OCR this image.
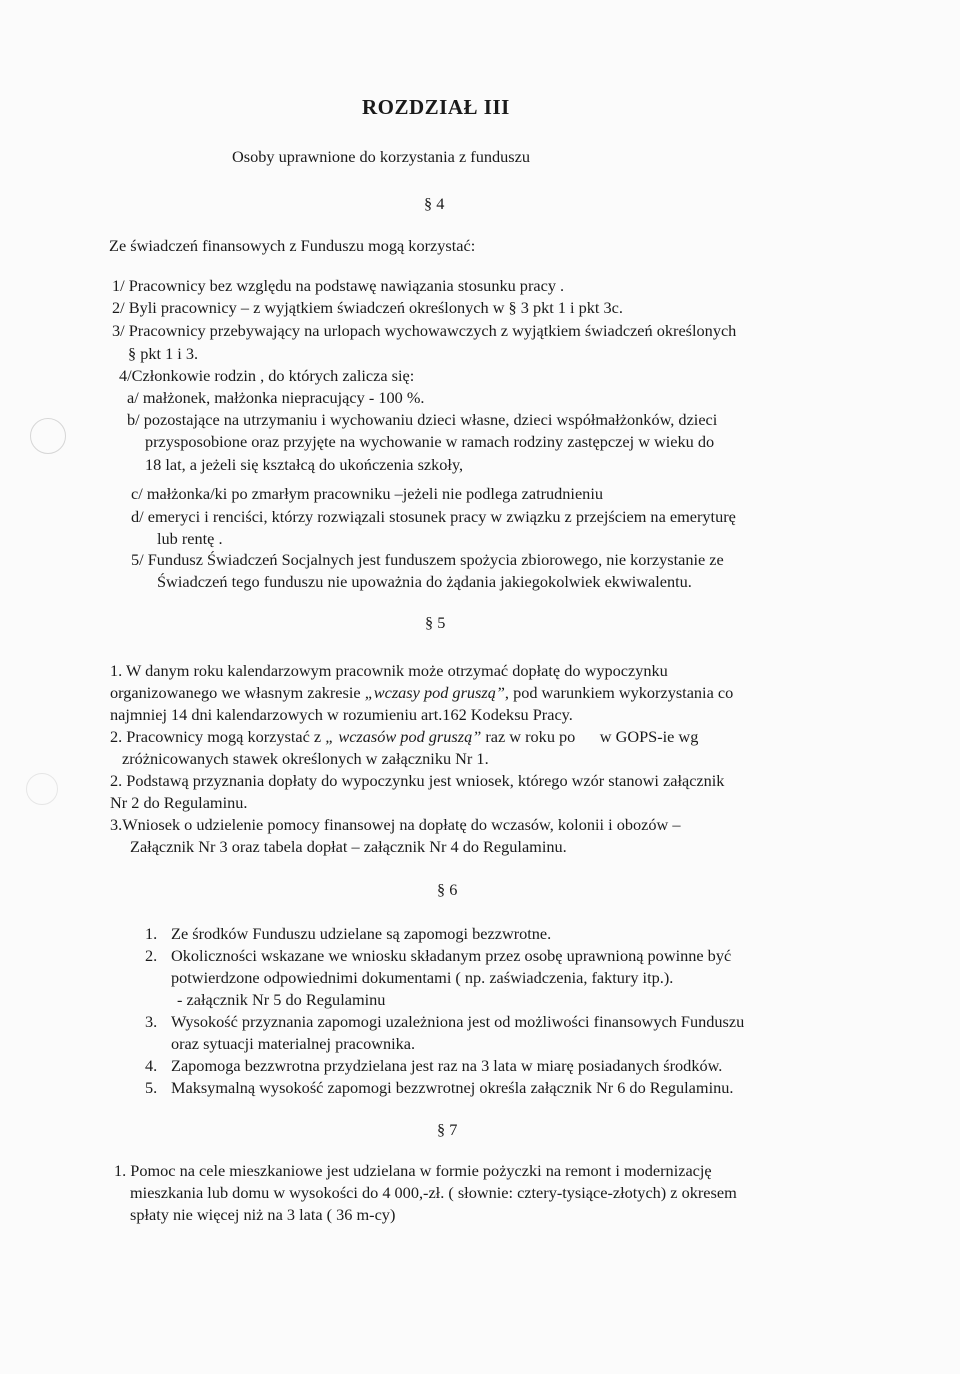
ROZDZIAŁ III
Osoby uprawnione do korzystania z funduszu
§ 4
Ze świadczeń finansowych z Funduszu mogą korzystać:
1/ Pracownicy bez względu na podstawę nawiązania stosunku pracy .
2/ Byli pracownicy – z wyjątkiem świadczeń określonych w § 3 pkt 1 i pkt 3c.
3/ Pracownicy przebywający na urlopach wychowawczych z wyjątkiem świadczeń określonych
§ pkt 1 i 3.
4/Członkowie rodzin , do których zalicza się:
a/ małżonek, małżonka niepracujący - 100 %.
b/ pozostające na utrzymaniu i wychowaniu dzieci własne, dzieci współmałżonków, dzieci
przysposobione oraz przyjęte na wychowanie w ramach rodziny zastępczej w wieku do
18 lat, a jeżeli się kształcą do ukończenia szkoły,
c/ małżonka/ki po zmarłym pracowniku –jeżeli nie podlega zatrudnieniu
d/ emeryci i renciści, którzy rozwiązali stosunek pracy w związku z przejściem na emeryturę
lub rentę .
5/ Fundusz Świadczeń Socjalnych jest funduszem spożycia zbiorowego, nie korzystanie ze
Świadczeń tego funduszu nie upoważnia do żądania jakiegokolwiek ekwiwalentu.
§ 5
1. W danym roku kalendarzowym pracownik może otrzymać dopłatę do wypoczynku
organizowanego we własnym zakresie „wczasy pod gruszą”, pod warunkiem wykorzystania co
najmniej 14 dni kalendarzowych w rozumieniu art.162 Kodeksu Pracy.
2. Pracownicy mogą korzystać z „ wczasów pod gruszą” raz w roku po      w GOPS-ie wg
zróżnicowanych stawek określonych w załączniku Nr 1.
2. Podstawą przyznania dopłaty do wypoczynku jest wniosek, którego wzór stanowi załącznik
Nr 2 do Regulaminu.
3.Wniosek o udzielenie pomocy finansowej na dopłatę do wczasów, kolonii i obozów –
Załącznik Nr 3 oraz tabela dopłat – załącznik Nr 4 do Regulaminu.
§ 6
1. Ze środków Funduszu udzielane są zapomogi bezzwrotne.
2. Okoliczności wskazane we wniosku składanym przez osobę uprawnioną powinne być
potwierdzone odpowiednimi dokumentami ( np. zaświadczenia, faktury itp.).
- załącznik Nr 5 do Regulaminu
3. Wysokość przyznania zapomogi uzależniona jest od możliwości finansowych Funduszu
oraz sytuacji materialnej pracownika.
4. Zapomoga bezzwrotna przydzielana jest raz na 3 lata w miarę posiadanych środków.
5. Maksymalną wysokość zapomogi bezzwrotnej określa załącznik Nr 6 do Regulaminu.
§ 7
1. Pomoc na cele mieszkaniowe jest udzielana w formie pożyczki na remont i modernizację
mieszkania lub domu w wysokości do 4 000,-zł. ( słownie: cztery-tysiące-złotych) z okresem
spłaty nie więcej niż na 3 lata ( 36 m-cy)
